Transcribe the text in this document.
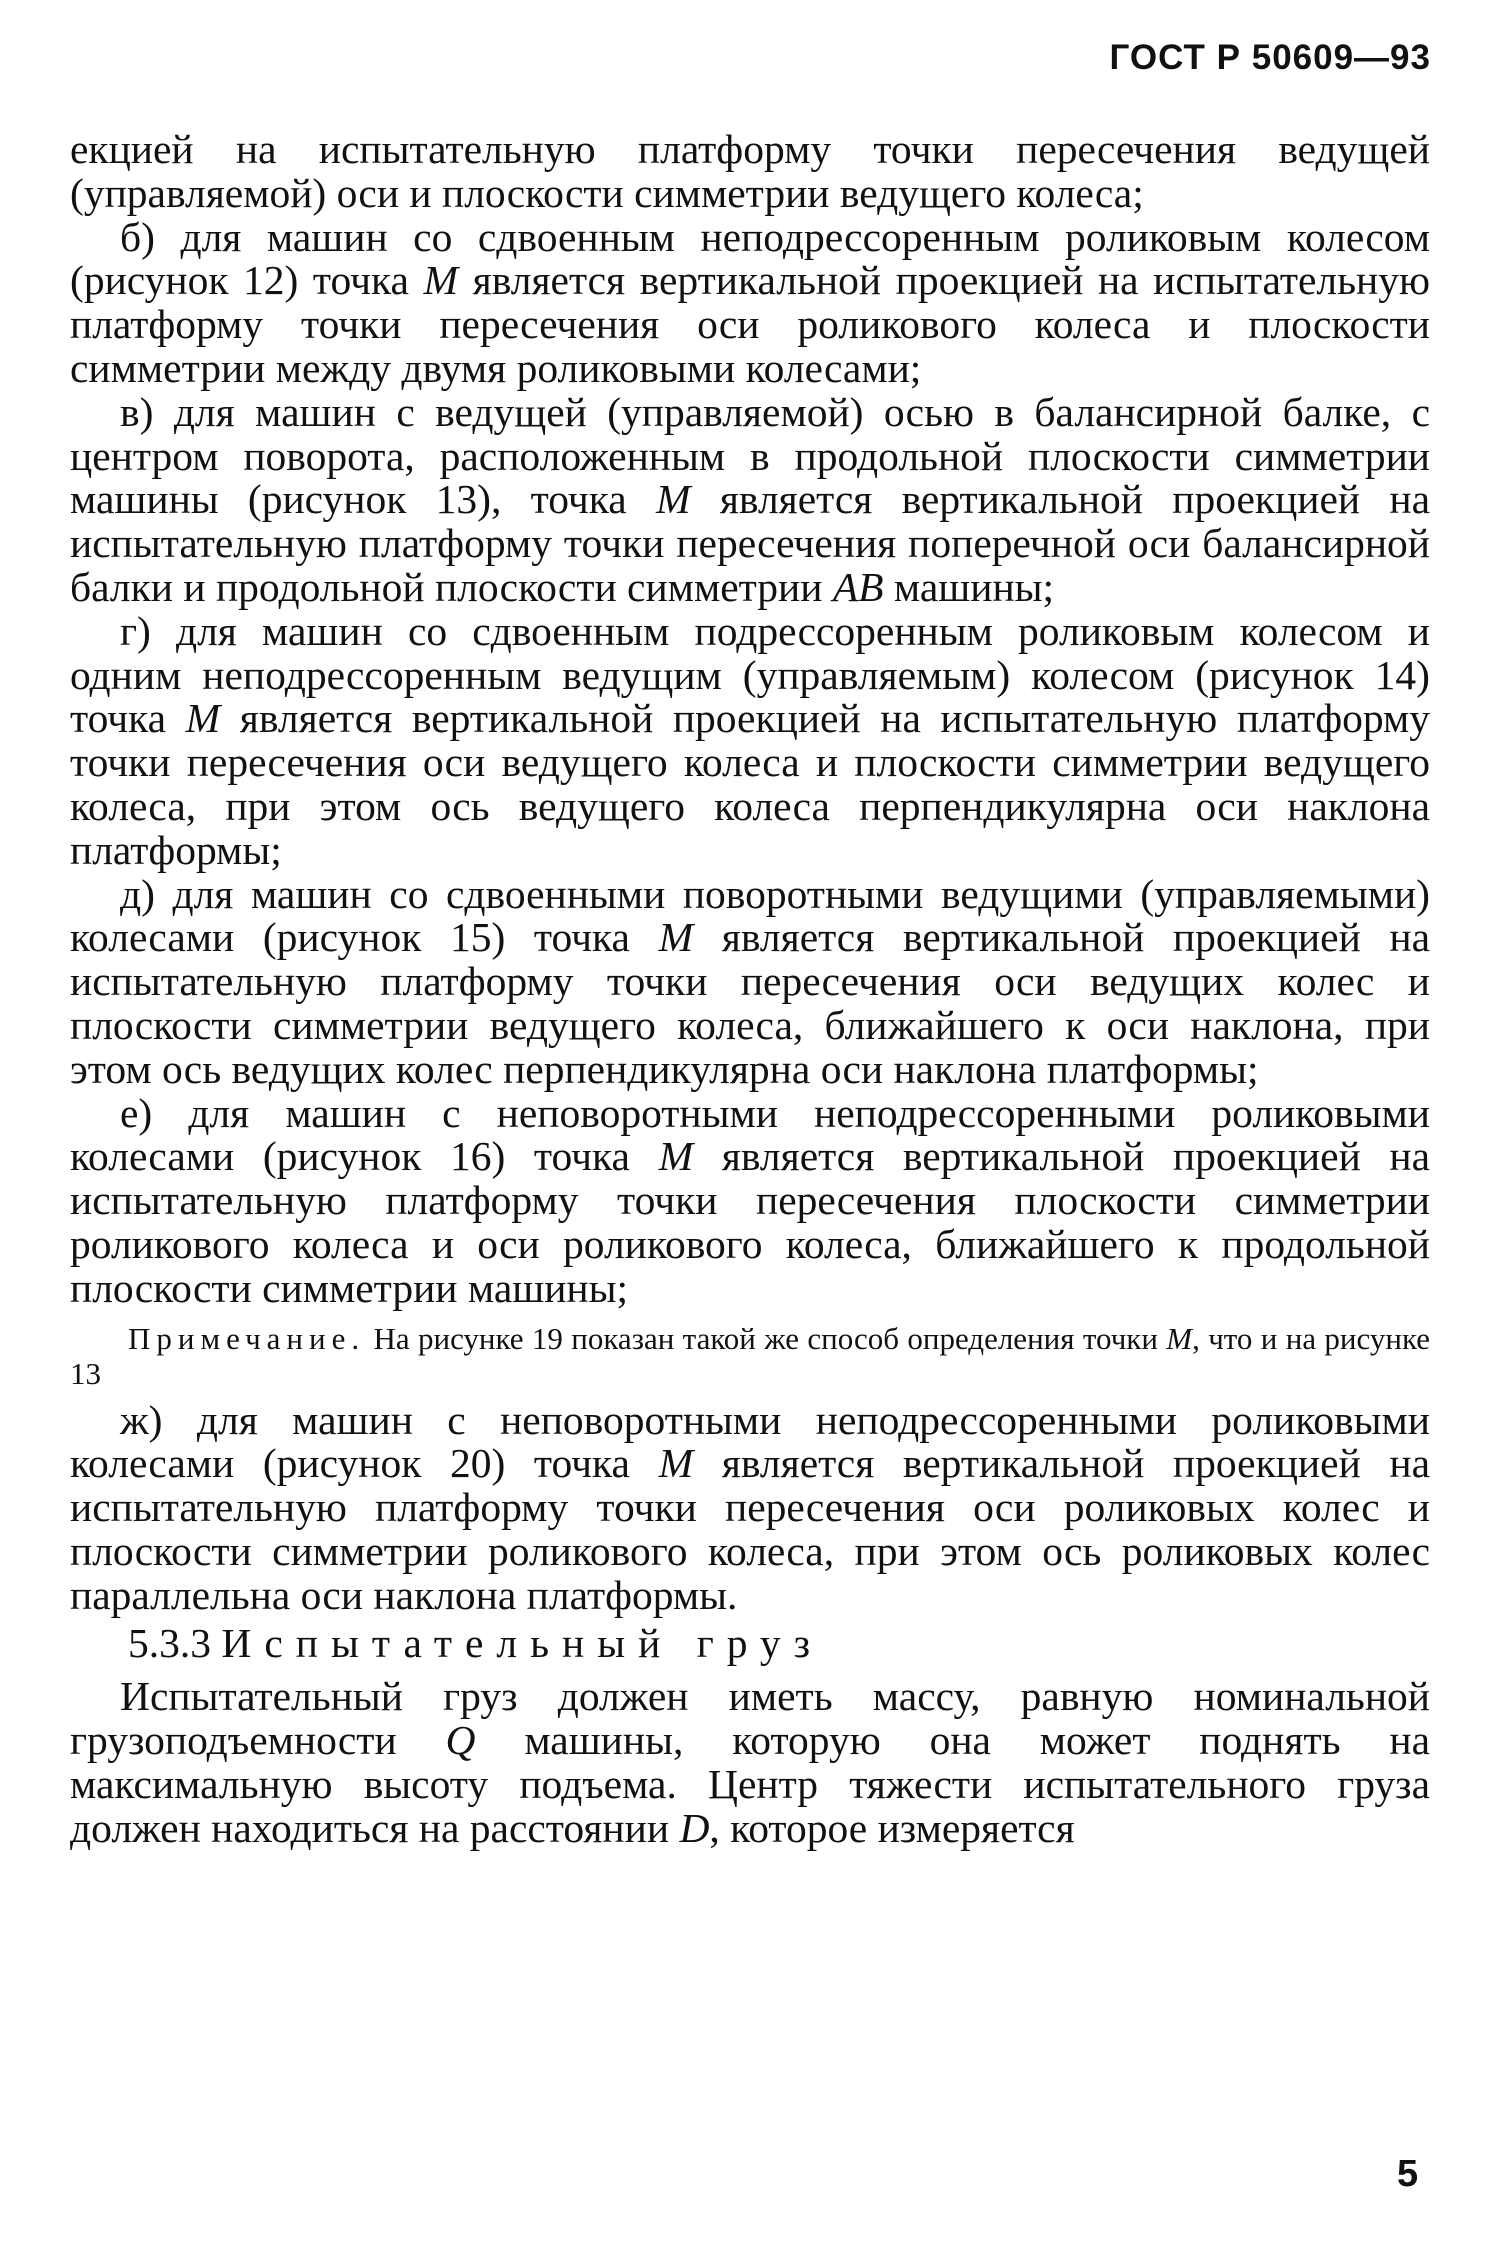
ГОСТ Р 50609—93

екцией на испытательную платформу точки пересечения ведущей (управляемой) оси и плоскости симметрии ведущего колеса;

б) для машин со сдвоенным неподрессоренным роликовым колесом (рисунок 12) точка M является вертикальной проекцией на испытательную платформу точки пересечения оси роликового колеса и плоскости симметрии между двумя роликовыми колесами;

в) для машин с ведущей (управляемой) осью в балансирной балке, с центром поворота, расположенным в продольной плоскости симметрии машины (рисунок 13), точка M является вертикальной проекцией на испытательную платформу точки пересечения поперечной оси балансирной балки и продольной плоскости симметрии AB машины;

г) для машин со сдвоенным подрессоренным роликовым колесом и одним неподрессоренным ведущим (управляемым) колесом (рисунок 14) точка M является вертикальной проекцией на испытательную платформу точки пересечения оси ведущего колеса и плоскости симметрии ведущего колеса, при этом ось ведущего колеса перпендикулярна оси наклона платформы;

д) для машин со сдвоенными поворотными ведущими (управляемыми) колесами (рисунок 15) точка M является вертикальной проекцией на испытательную платформу точки пересечения оси ведущих колес и плоскости симметрии ведущего колеса, ближайшего к оси наклона, при этом ось ведущих колес перпендикулярна оси наклона платформы;

е) для машин с неповоротными неподрессоренными роликовыми колесами (рисунок 16) точка M является вертикальной проекцией на испытательную платформу точки пересечения плоскости симметрии роликового колеса и оси роликового колеса, ближайшего к продольной плоскости симметрии машины;

Примечание. На рисунке 19 показан такой же способ определения точки M, что и на рисунке 13

ж) для машин с неповоротными неподрессоренными роликовыми колесами (рисунок 20) точка M является вертикальной проекцией на испытательную платформу точки пересечения оси роликовых колес и плоскости симметрии роликового колеса, при этом ось роликовых колес параллельна оси наклона платформы.

5.3.3 Испытательный груз

Испытательный груз должен иметь массу, равную номинальной грузоподъемности Q машины, которую она может поднять на максимальную высоту подъема. Центр тяжести испытательного груза должен находиться на расстоянии D, которое измеряется

5
